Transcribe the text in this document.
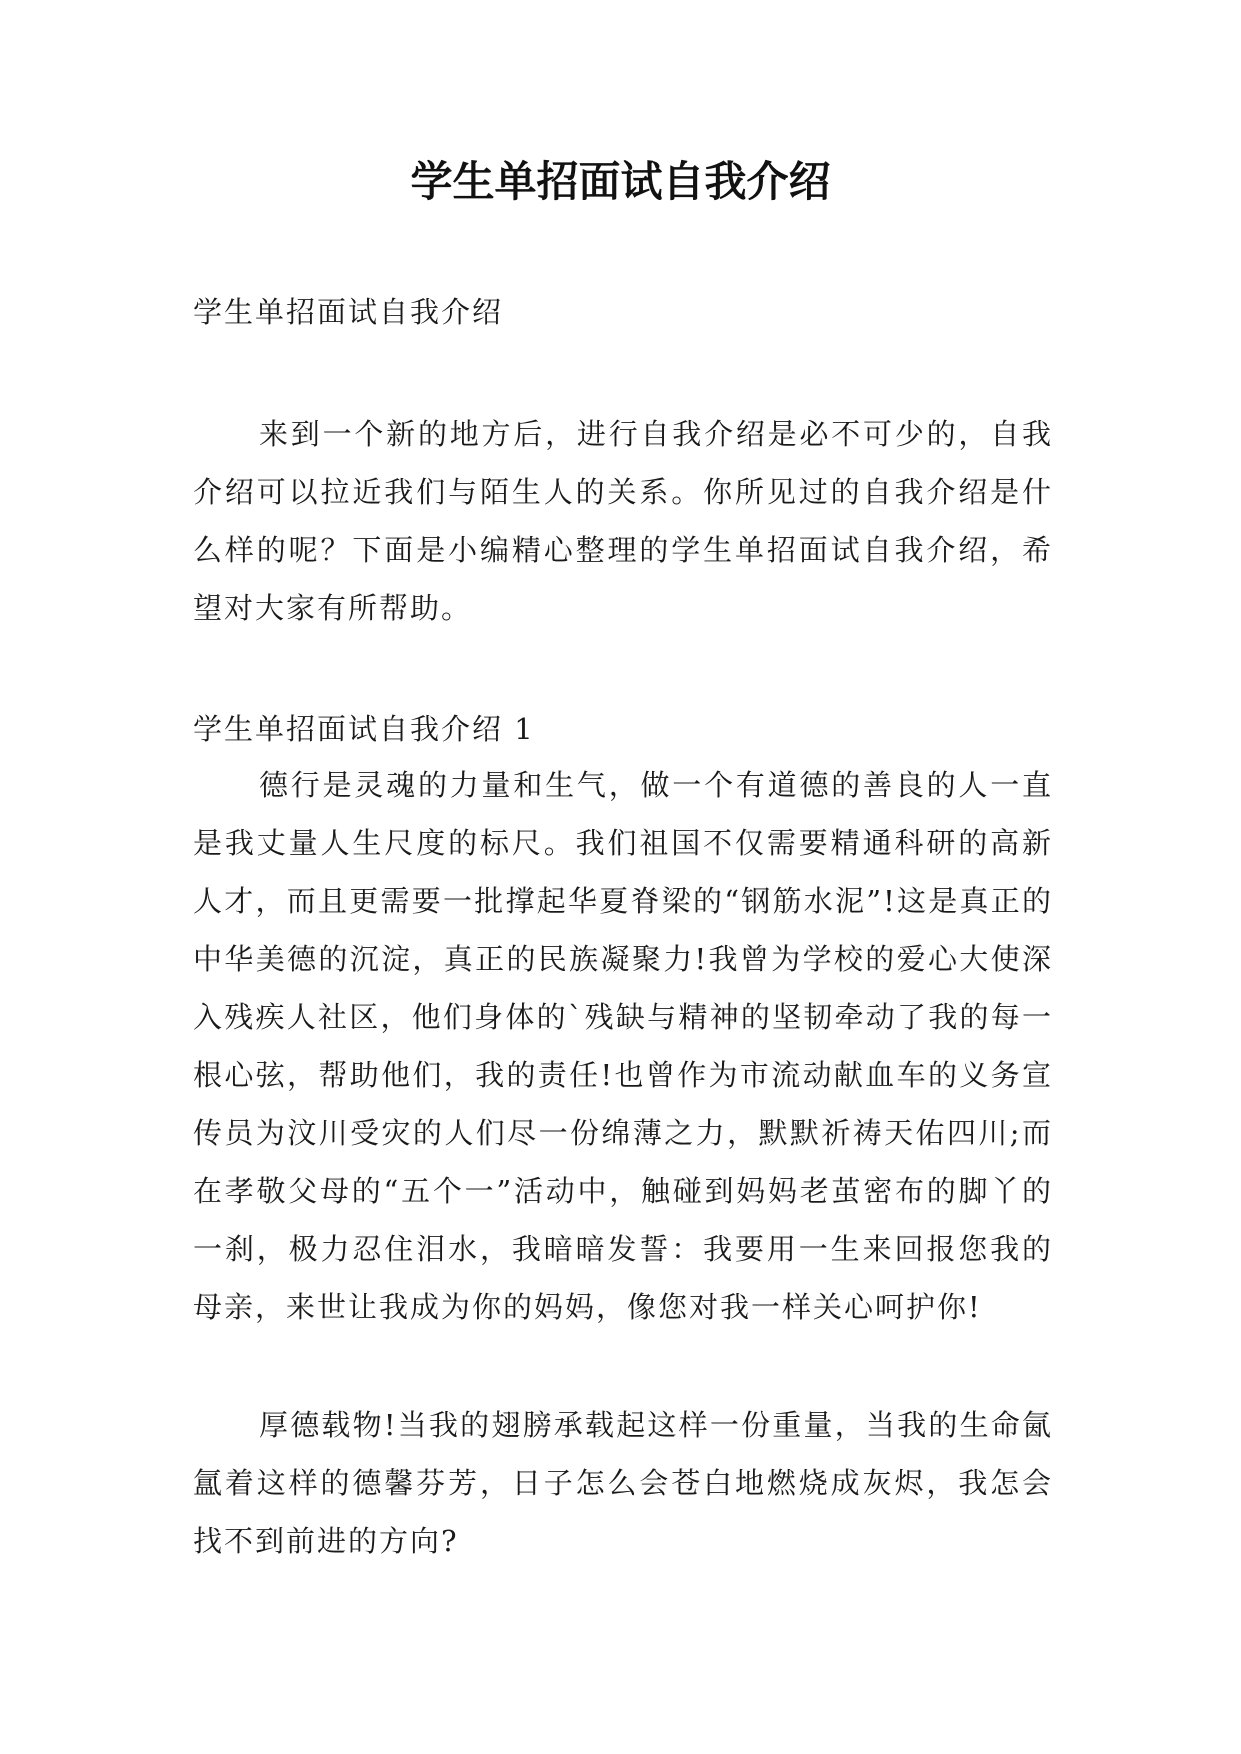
学生单招面试自我介绍

学生单招面试自我介绍

来到一个新的地方后，进行自我介绍是必不可少的，自我介绍可以拉近我们与陌生人的关系。你所见过的自我介绍是什么样的呢？下面是小编精心整理的学生单招面试自我介绍，希望对大家有所帮助。

学生单招面试自我介绍 1

德行是灵魂的力量和生气，做一个有道德的善良的人一直是我丈量人生尺度的标尺。我们祖国不仅需要精通科研的高新人才，而且更需要一批撑起华夏脊梁的“钢筋水泥”!这是真正的中华美德的沉淀，真正的民族凝聚力!我曾为学校的爱心大使深入残疾人社区，他们身体的`残缺与精神的坚韧牵动了我的每一根心弦，帮助他们，我的责任!也曾作为市流动献血车的义务宣传员为汶川受灾的人们尽一份绵薄之力，默默祈祷天佑四川;而在孝敬父母的“五个一”活动中，触碰到妈妈老茧密布的脚丫的一刹，极力忍住泪水，我暗暗发誓：我要用一生来回报您我的母亲，来世让我成为你的妈妈，像您对我一样关心呵护你!

厚德载物!当我的翅膀承载起这样一份重量，当我的生命氤氲着这样的德馨芬芳，日子怎么会苍白地燃烧成灰烬，我怎会找不到前进的方向?
